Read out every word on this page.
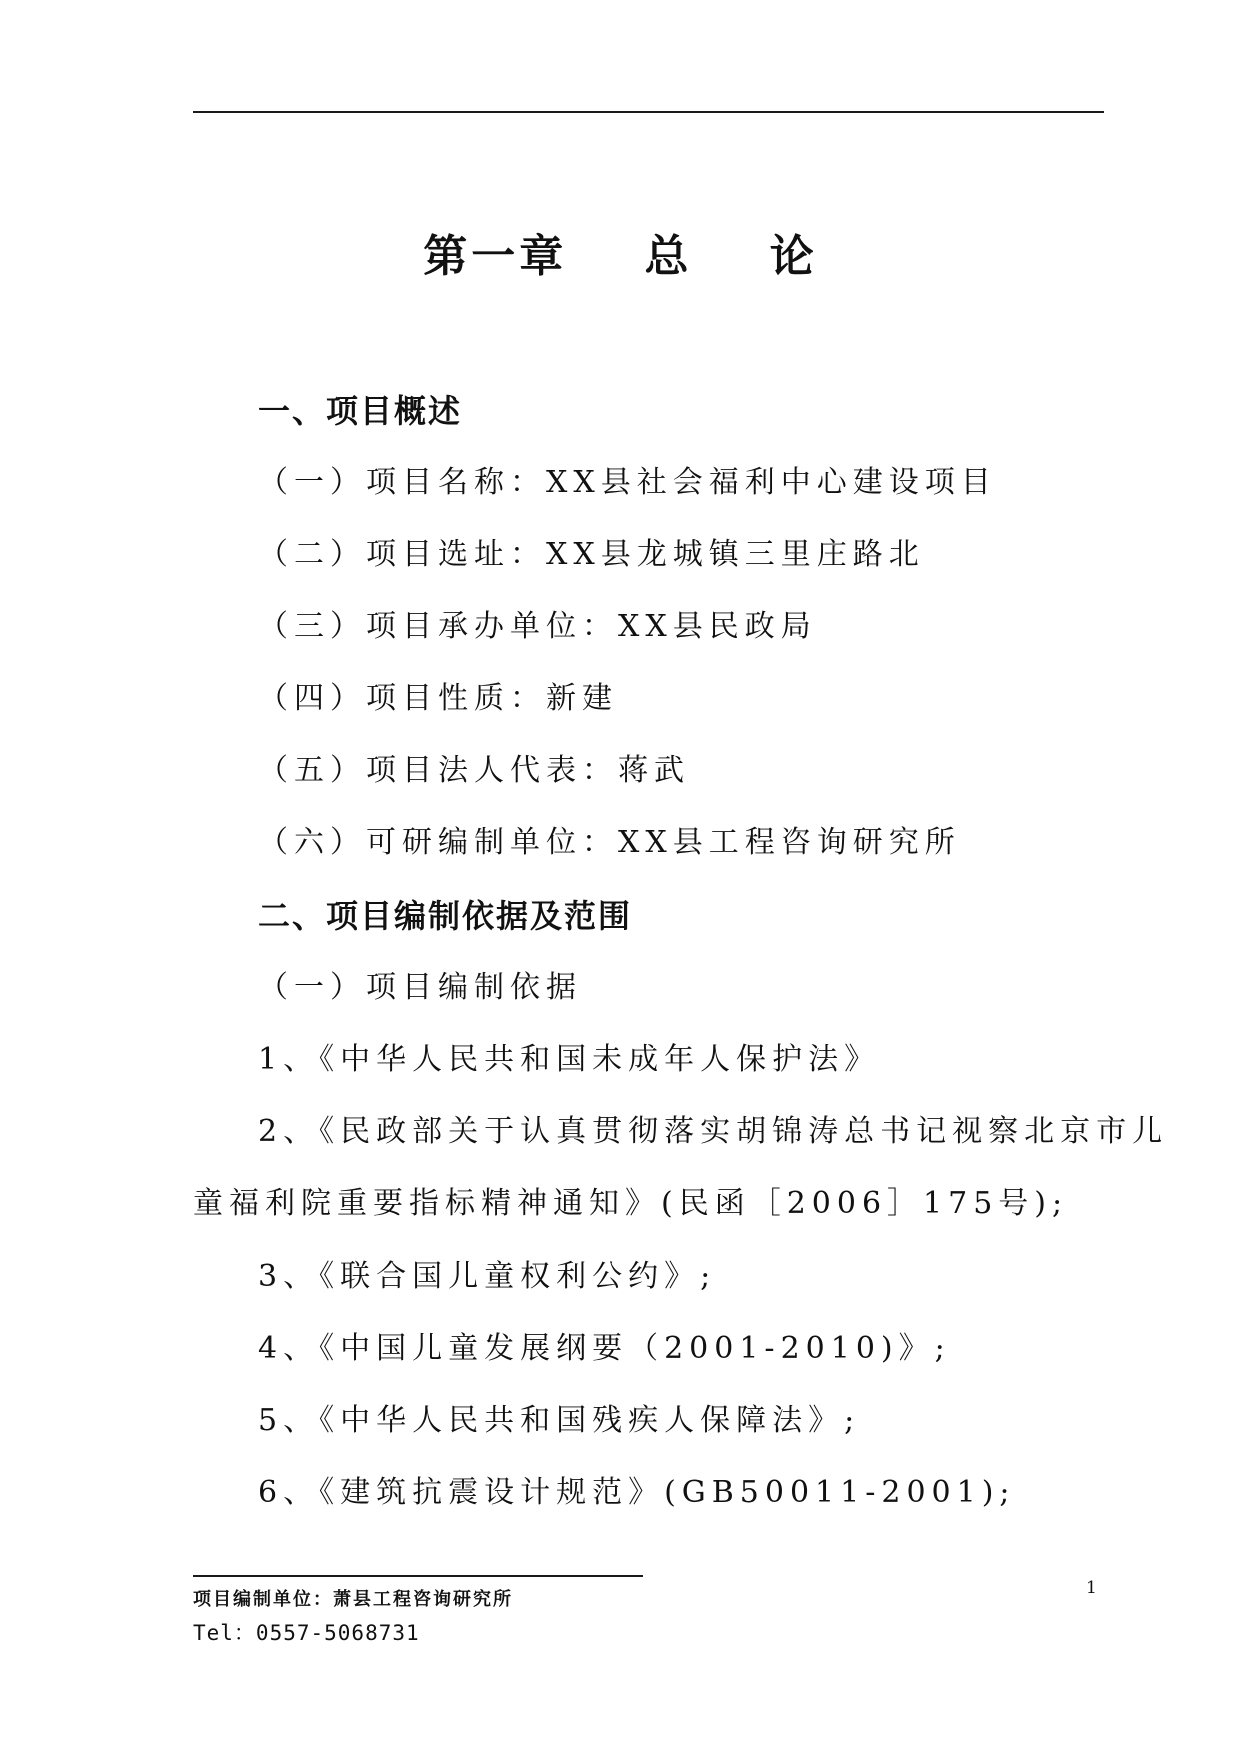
第一章    总    论
一、项目概述
（一）项目名称：XX县社会福利中心建设项目
（二）项目选址：XX县龙城镇三里庄路北
（三）项目承办单位：XX县民政局
（四）项目性质：新建
（五）项目法人代表：蒋武
（六）可研编制单位：XX县工程咨询研究所
二、项目编制依据及范围
（一）项目编制依据
1、《中华人民共和国未成年人保护法》
2、《民政部关于认真贯彻落实胡锦涛总书记视察北京市儿
童福利院重要指标精神通知》(民函［2006］175号);
3、《联合国儿童权利公约》;
4、《中国儿童发展纲要（2001-2010)》;
5、《中华人民共和国残疾人保障法》;
6、《建筑抗震设计规范》(GB50011-2001);
项目编制单位：萧县工程咨询研究所
Tel：0557-5068731
1
